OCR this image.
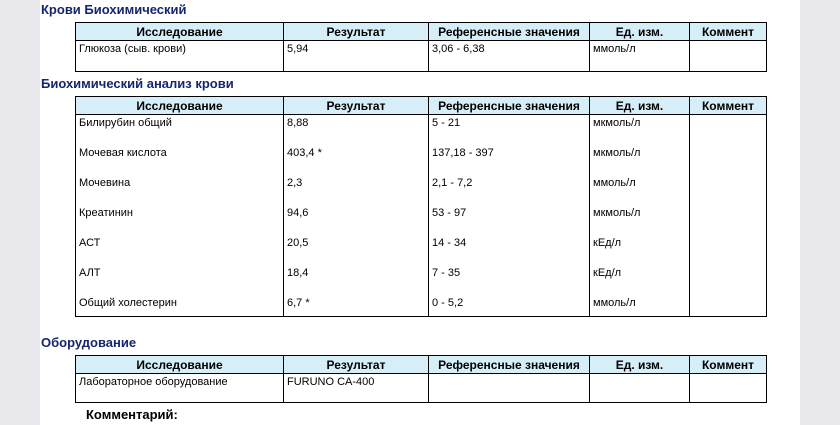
Крови Биохимический
Исследование	Результат	Референсные значения	Ед. изм.	Коммент
Глюкоза (сыв. крови)	5,94	3,06 - 6,38	ммоль/л	
Биохимический анализ крови
Исследование	Результат	Референсные значения	Ед. изм.	Коммент
Билирубин общий	8,88	5 - 21	мкмоль/л	
Мочевая кислота	403,4 *	137,18 - 397	мкмоль/л	
Мочевина	2,3	2,1 - 7,2	ммоль/л	
Креатинин	94,6	53 - 97	мкмоль/л	
АСТ	20,5	14 - 34	кЕд/л	
АЛТ	18,4	7 - 35	кЕд/л	
Общий холестерин	6,7 *	0 - 5,2	ммоль/л	
Оборудование
Исследование	Результат	Референсные значения	Ед. изм.	Коммент
Лабораторное оборудование	FURUNO CA-400			
Комментарий:
